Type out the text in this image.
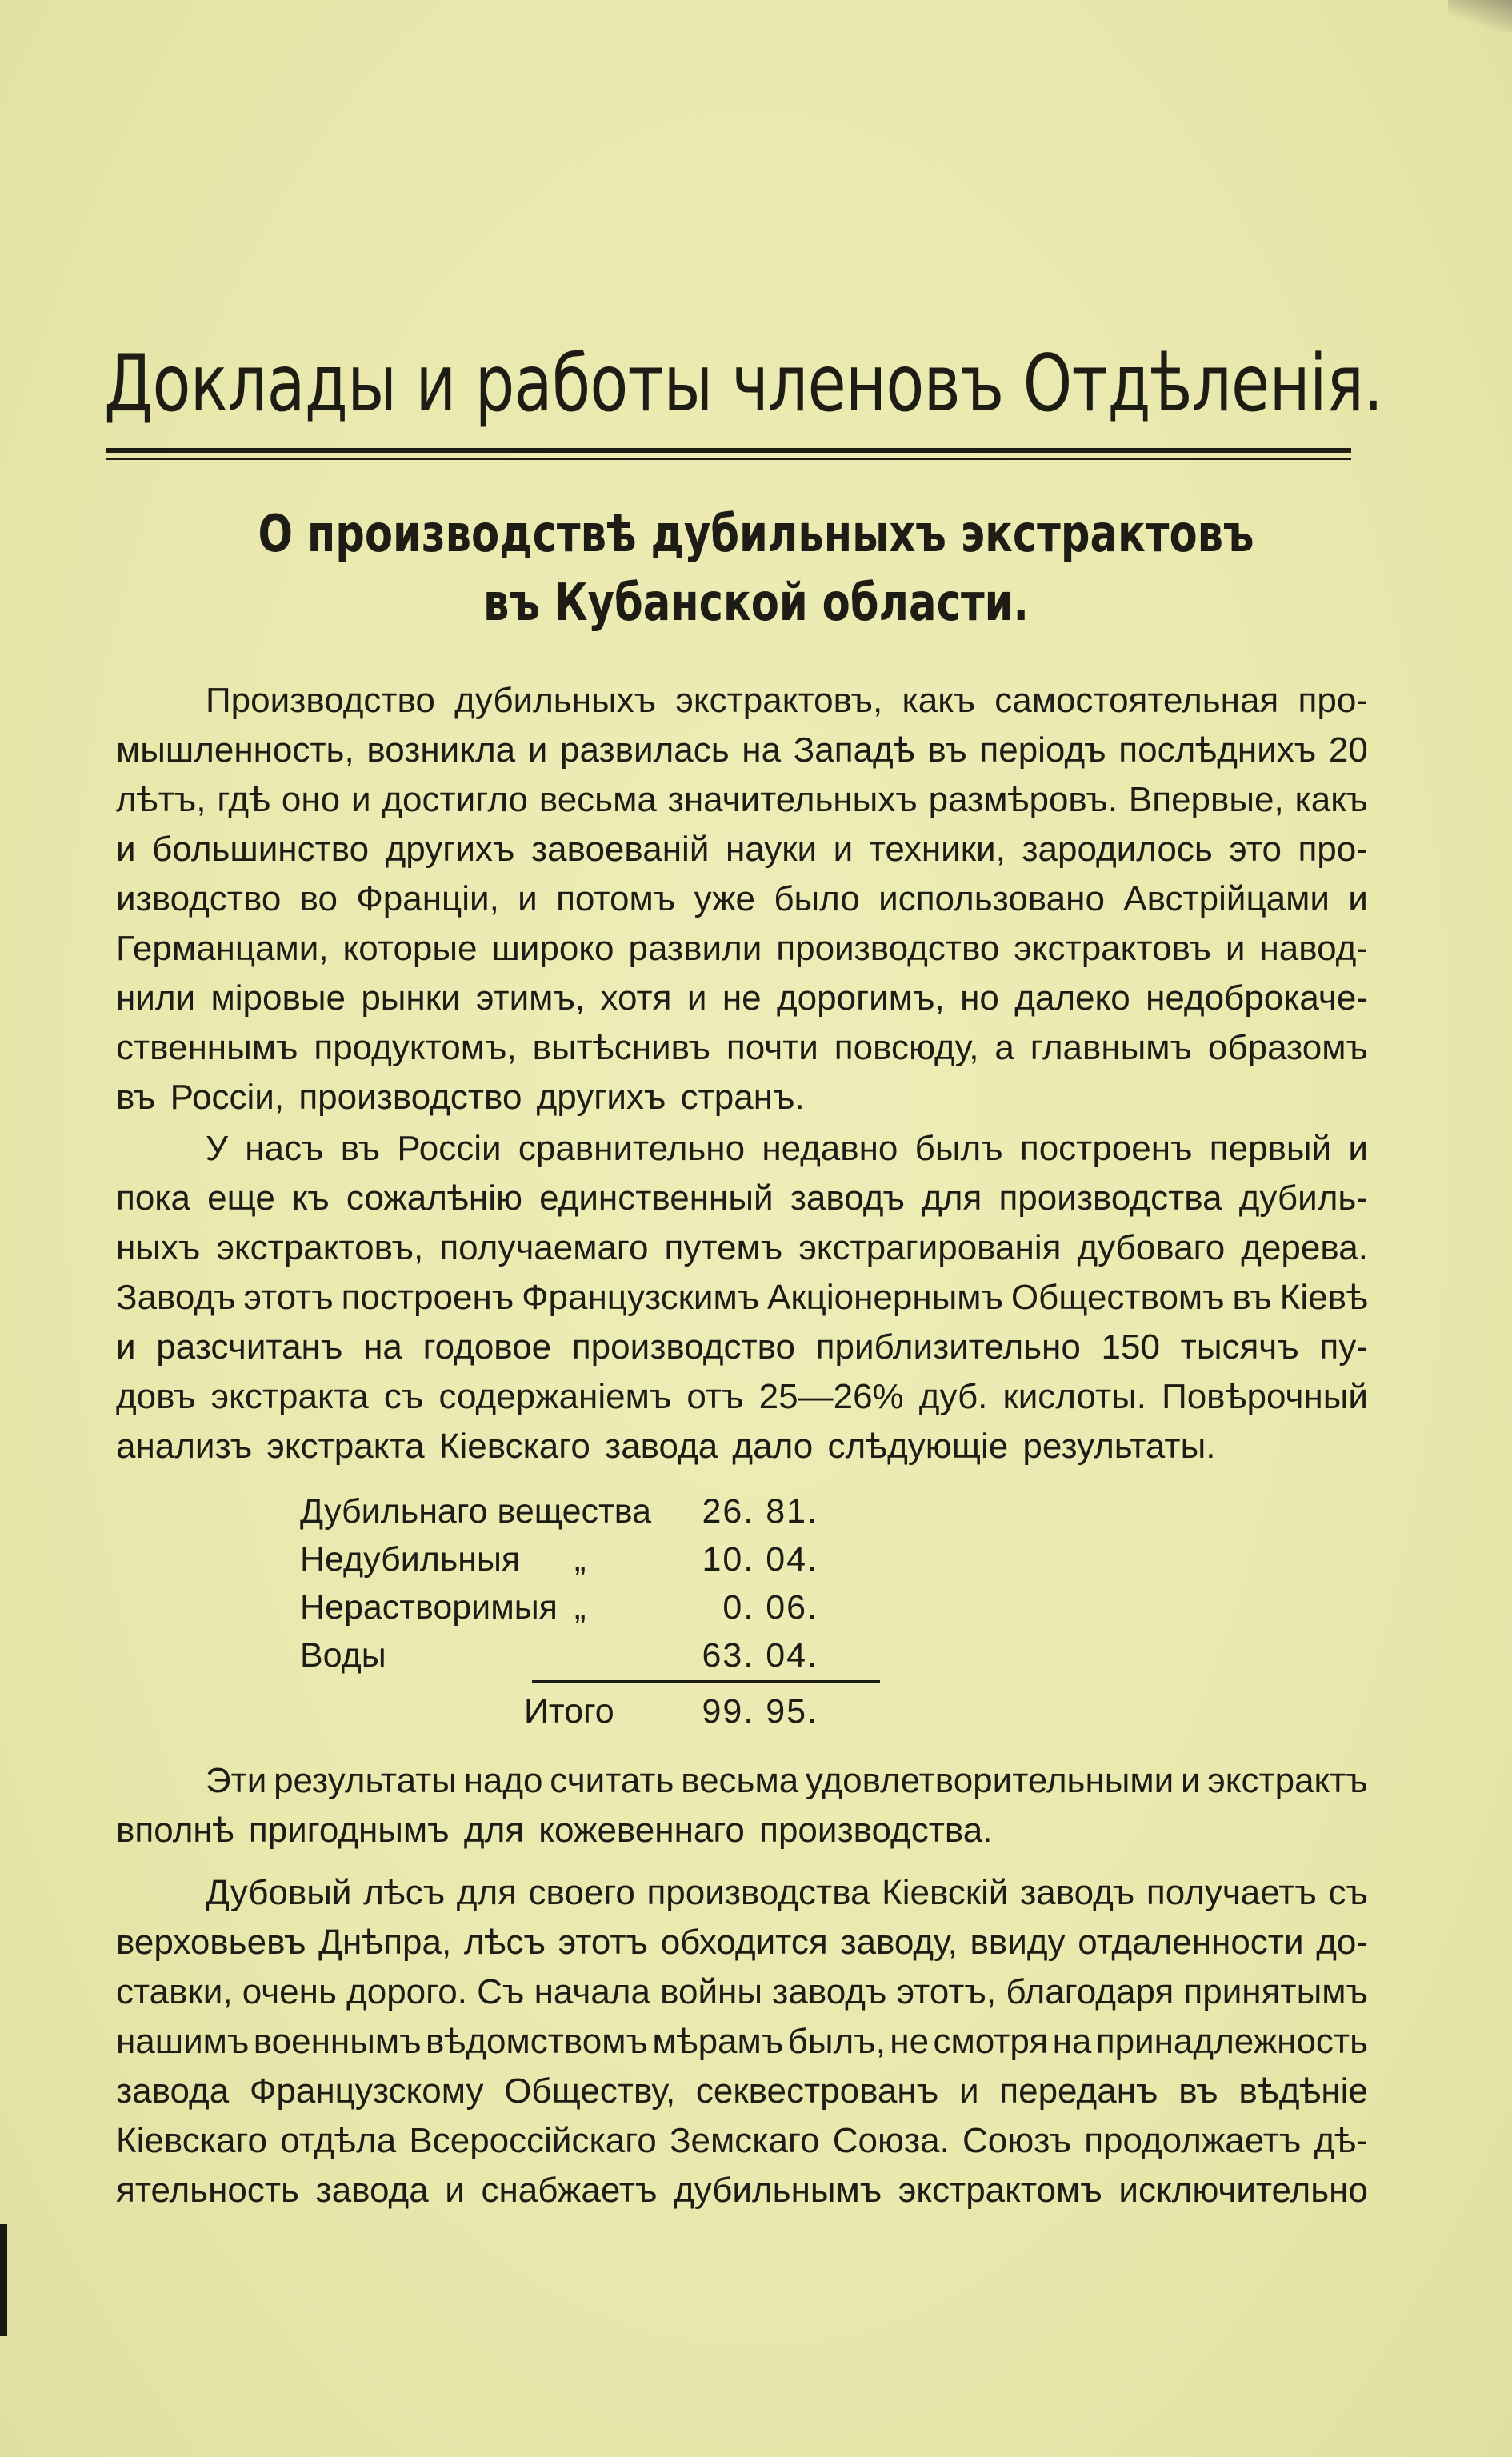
Доклады и работы членовъ Отдѣленія.
О производствѣ дубильныхъ экстрактовъ
въ Кубанской области.
Производство дубильныхъ экстрактовъ, какъ самостоятельная про-
мышленность, возникла и развилась на Западѣ въ періодъ послѣднихъ 20
лѣтъ, гдѣ оно и достигло весьма значительныхъ размѣровъ. Впервые, какъ
и большинство другихъ завоеваній науки и техники, зародилось это про-
изводство во Франціи, и потомъ уже было использовано Австрійцами и
Германцами, которые широко развили производство экстрактовъ и навод-
нили міровые рынки этимъ, хотя и не дорогимъ, но далеко недоброкаче-
ственнымъ продуктомъ, вытѣснивъ почти повсюду, а главнымъ образомъ
въ Россіи, производство другихъ странъ.
У насъ въ Россіи сравнительно недавно былъ построенъ первый и
пока еще къ сожалѣнію единственный заводъ для производства дубиль-
ныхъ экстрактовъ, получаемаго путемъ экстрагированія дубоваго дерева.
Заводъ этотъ построенъ Французскимъ Акціонернымъ Обществомъ въ Кіевѣ
и разсчитанъ на годовое производство приблизительно 150 тысячъ пу-
довъ экстракта съ содержаніемъ отъ 25—26% дуб. кислоты. Повѣрочный
анализъ экстракта Кіевскаго завода дало слѣдующіе результаты.
Дубильнаго вещества 26. 81.
Недубильныя „	10. 04.
Нерастворимыя „	0. 06.
Воды	63. 04.
Итого	99. 95.
Эти результаты надо считать весьма удовлетворительными и экстрактъ
вполнѣ пригоднымъ для кожевеннаго производства.
Дубовый лѣсъ для своего производства Кіевскій заводъ получаетъ съ
верховьевъ Днѣпра, лѣсъ этотъ обходится заводу, ввиду отдаленности до-
ставки, очень дорого. Съ начала войны заводъ этотъ, благодаря принятымъ
нашимъ военнымъ вѣдомствомъ мѣрамъ былъ, не смотря на принадлежность
завода Французскому Обществу, секвестрованъ и переданъ въ вѣдѣніе
Кіевскаго отдѣла Всероссійскаго Земскаго Союза. Союзъ продолжаетъ дѣ-
ятельность завода и снабжаетъ дубильнымъ экстрактомъ исключительно
